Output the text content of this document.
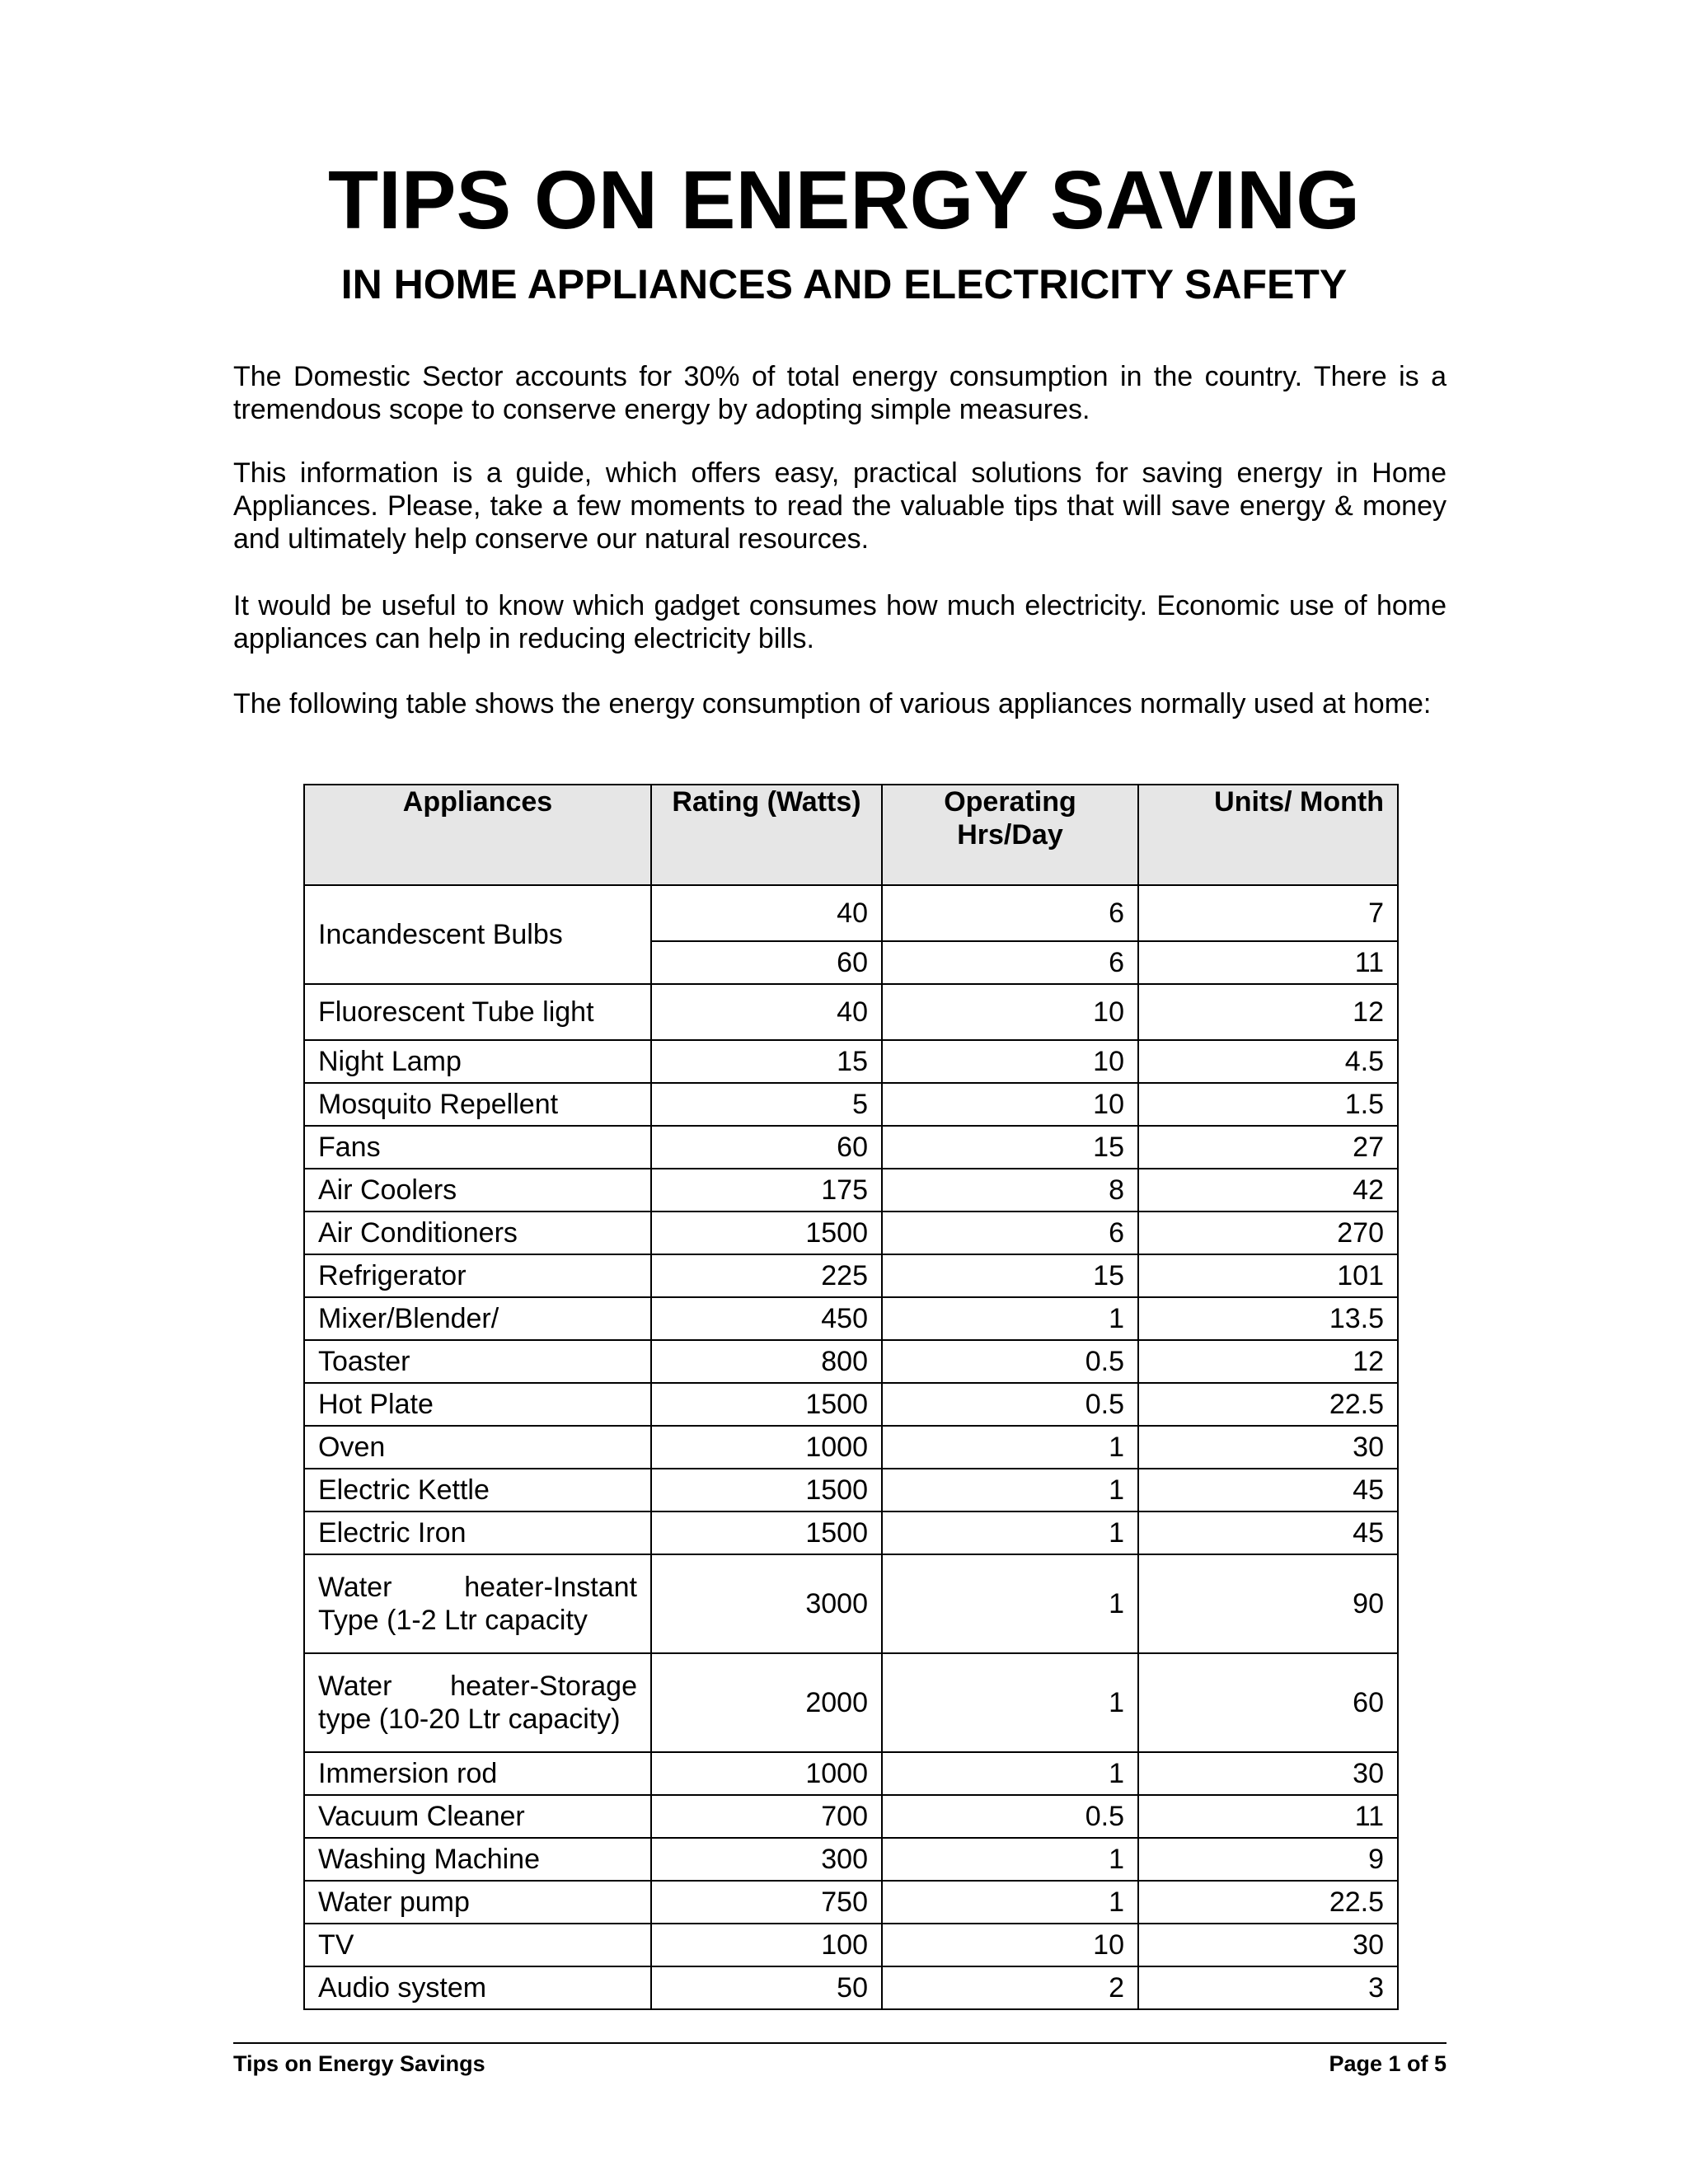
TIPS ON ENERGY SAVING
IN HOME APPLIANCES AND ELECTRICITY SAFETY

The Domestic Sector accounts for 30% of total energy consumption in the country. There is a tremendous scope to conserve energy by adopting simple measures.

This information is a guide, which offers easy, practical solutions for saving energy in Home Appliances. Please, take a few moments to read the valuable tips that will save energy & money and ultimately help conserve our natural resources.

It would be useful to know which gadget consumes how much electricity. Economic use of home appliances can help in reducing electricity bills.

The following table shows the energy consumption of various appliances normally used at home:

Appliances	Rating (Watts)	Operating Hrs/Day	Units/ Month
Incandescent Bulbs	40	6	7
	60	6	11
Fluorescent Tube light	40	10	12
Night Lamp	15	10	4.5
Mosquito Repellent	5	10	1.5
Fans	60	15	27
Air Coolers	175	8	42
Air Conditioners	1500	6	270
Refrigerator	225	15	101
Mixer/Blender/	450	1	13.5
Toaster	800	0.5	12
Hot Plate	1500	0.5	22.5
Oven	1000	1	30
Electric Kettle	1500	1	45
Electric Iron	1500	1	45
Water heater-Instant Type (1-2 Ltr capacity	3000	1	90
Water heater-Storage type (10-20 Ltr capacity)	2000	1	60
Immersion rod	1000	1	30
Vacuum Cleaner	700	0.5	11
Washing Machine	300	1	9
Water pump	750	1	22.5
TV	100	10	30
Audio system	50	2	3
Tips on Energy Savings	Page 1 of 5
